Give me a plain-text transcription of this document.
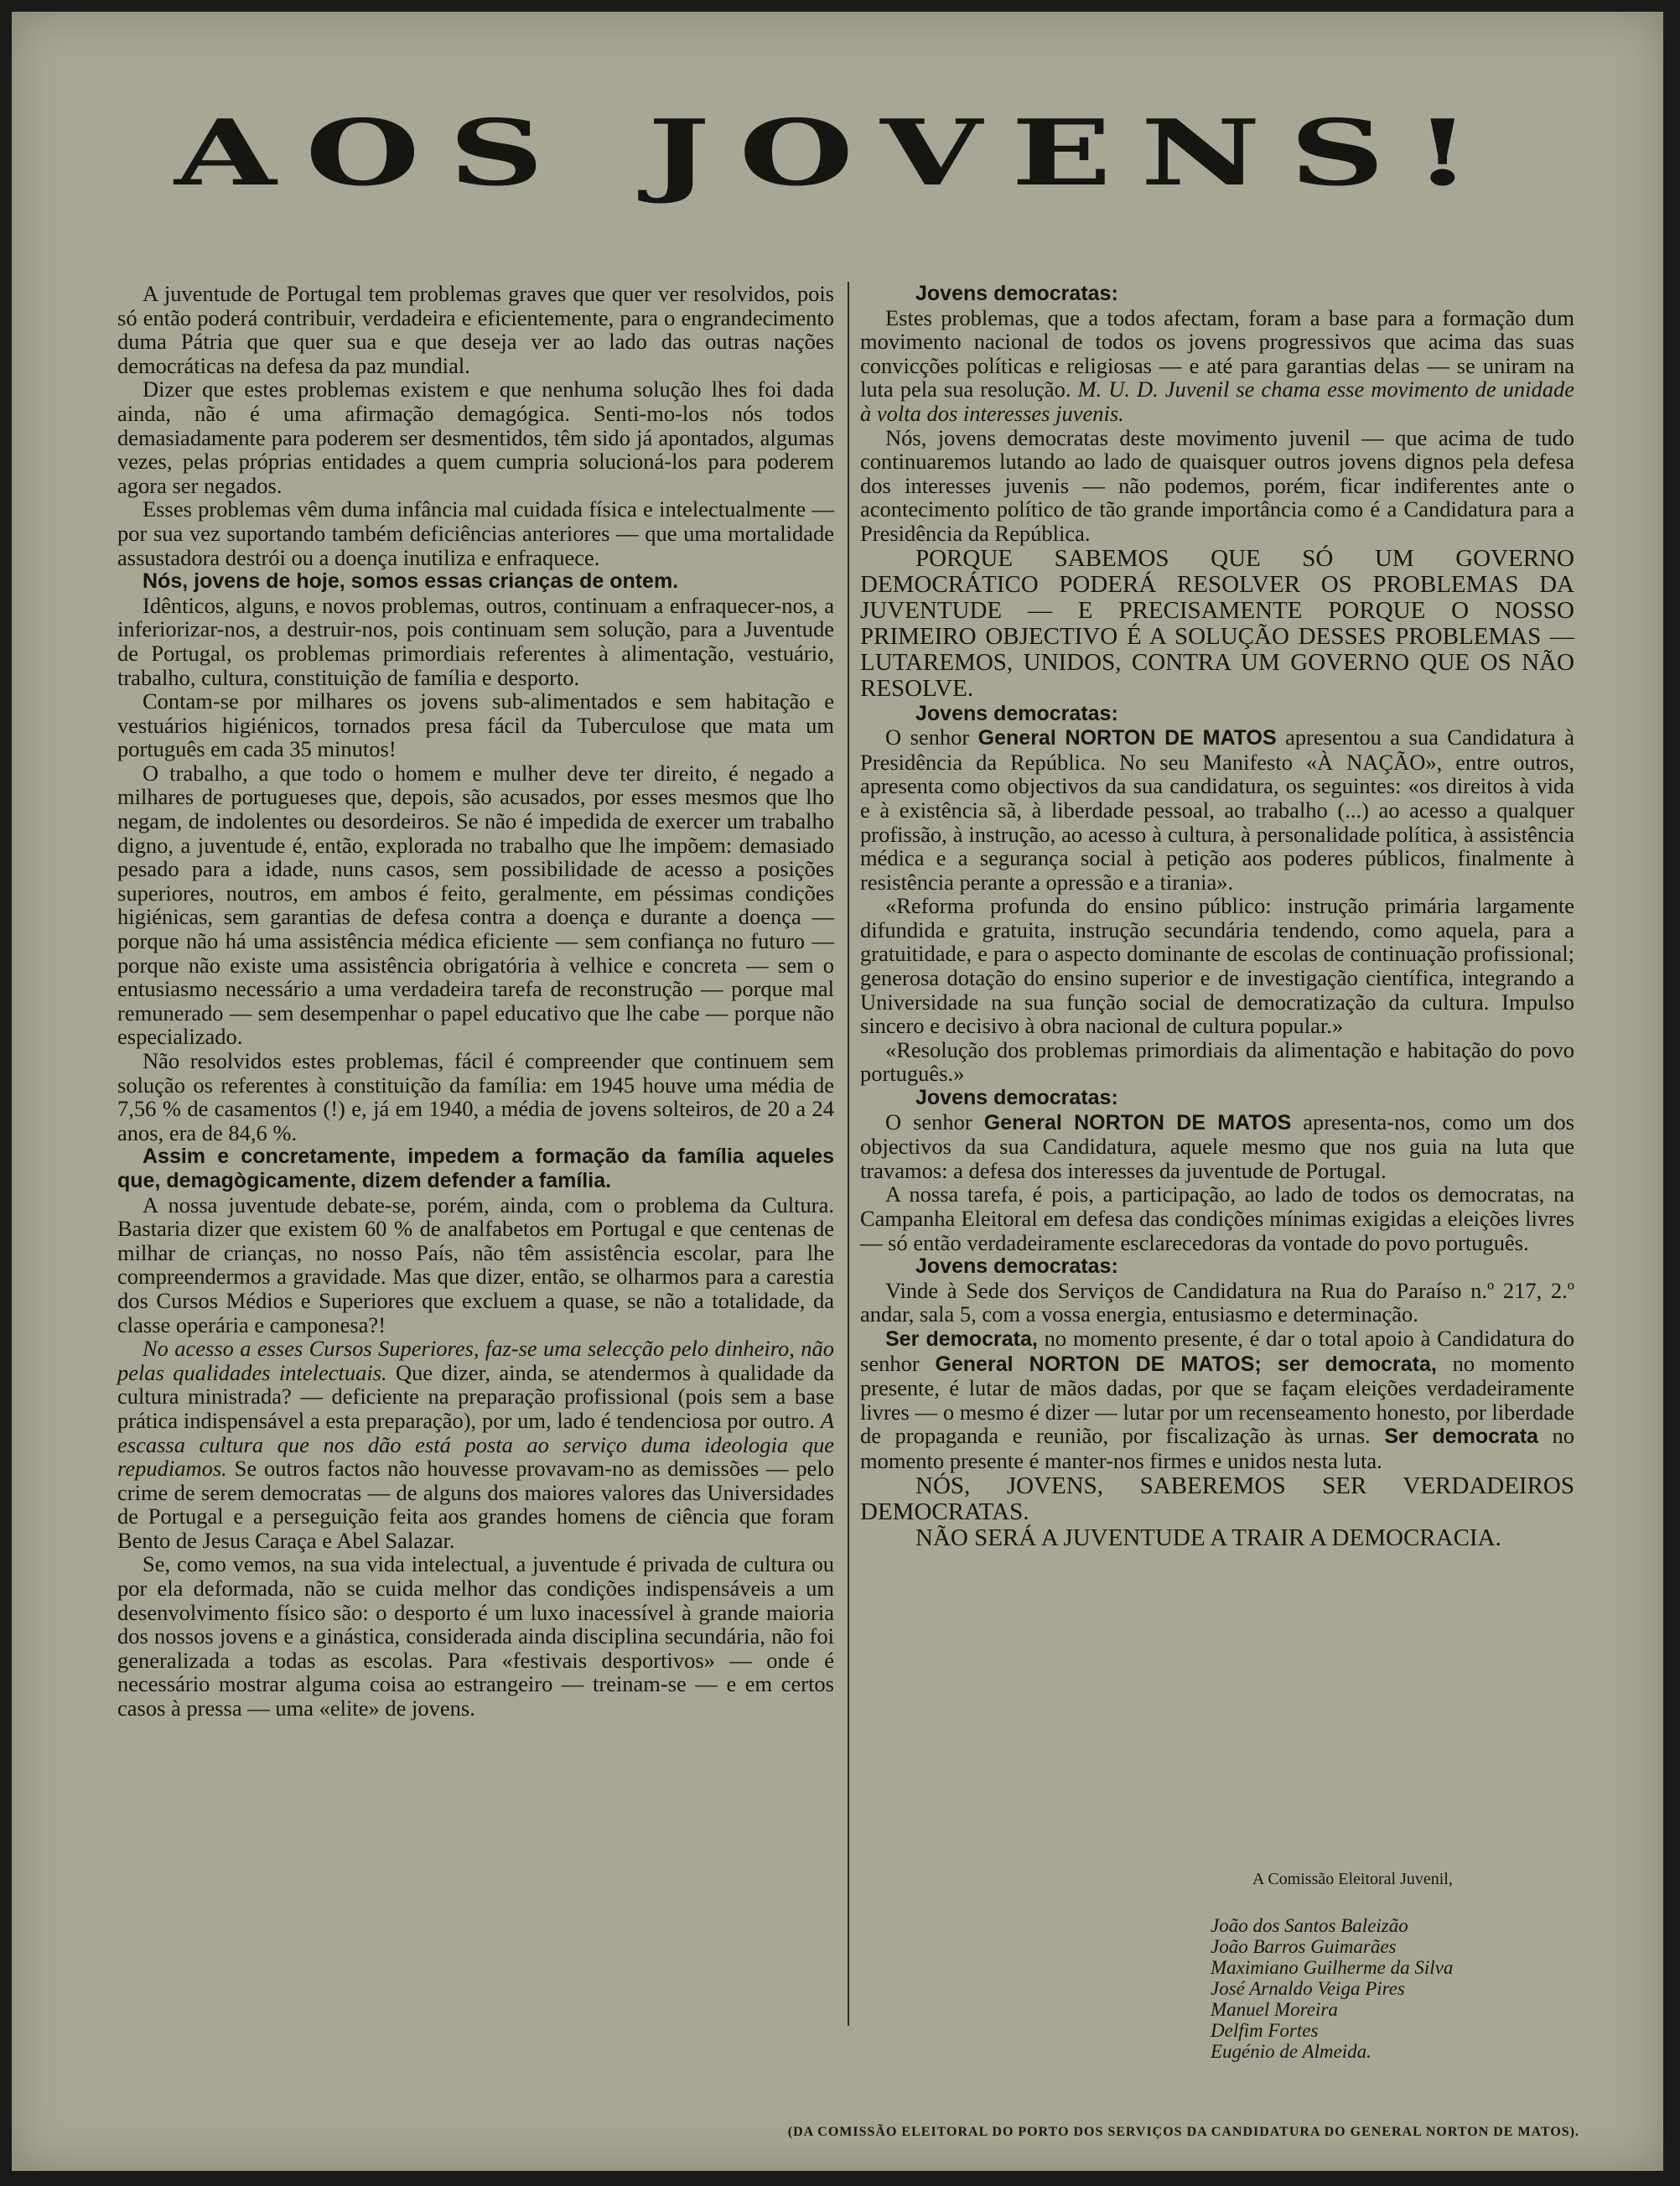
AOS JOVENS!

A juventude de Portugal tem problemas graves que quer ver resolvidos, pois só então poderá contribuir, verdadeira e eficientemente, para o engrandecimento duma Pátria que quer sua e que deseja ver ao lado das outras nações democráticas na defesa da paz mundial.

Dizer que estes problemas existem e que nenhuma solução lhes foi dada ainda, não é uma afirmação demagógica. Senti-mo-los nós todos demasiadamente para poderem ser desmentidos, têm sido já apontados, algumas vezes, pelas próprias entidades a quem cumpria solucioná-los para poderem agora ser negados.

Esses problemas vêm duma infância mal cuidada física e intelectualmente — por sua vez suportando também deficiências anteriores — que uma mortalidade assustadora destrói ou a doença inutiliza e enfraquece.

Nós, jovens de hoje, somos essas crianças de ontem.

Idênticos, alguns, e novos problemas, outros, continuam a enfraquecer-nos, a inferiorizar-nos, a destruir-nos, pois continuam sem solução, para a Juventude de Portugal, os problemas primordiais referentes à alimentação, vestuário, trabalho, cultura, constituição de família e desporto.

Contam-se por milhares os jovens sub-alimentados e sem habitação e vestuários higiénicos, tornados presa fácil da Tuberculose que mata um português em cada 35 minutos!

O trabalho, a que todo o homem e mulher deve ter direito, é negado a milhares de portugueses que, depois, são acusados, por esses mesmos que lho negam, de indolentes ou desordeiros. Se não é impedida de exercer um trabalho digno, a juventude é, então, explorada no trabalho que lhe impõem: demasiado pesado para a idade, nuns casos, sem possibilidade de acesso a posições superiores, noutros, em ambos é feito, geralmente, em péssimas condições higiénicas, sem garantias de defesa contra a doença e durante a doença — porque não há uma assistência médica eficiente — sem confiança no futuro — porque não existe uma assistência obrigatória à velhice e concreta — sem o entusiasmo necessário a uma verdadeira tarefa de reconstrução — porque mal remunerado — sem desempenhar o papel educativo que lhe cabe — porque não especializado.

Não resolvidos estes problemas, fácil é compreender que continuem sem solução os referentes à constituição da família: em 1945 houve uma média de 7,56 % de casamentos (!) e, já em 1940, a média de jovens solteiros, de 20 a 24 anos, era de 84,6 %.

Assim e concretamente, impedem a formação da família aqueles que, demagògicamente, dizem defender a família.

A nossa juventude debate-se, porém, ainda, com o problema da Cultura. Bastaria dizer que existem 60 % de analfabetos em Portugal e que centenas de milhar de crianças, no nosso País, não têm assistência escolar, para lhe compreendermos a gravidade. Mas que dizer, então, se olharmos para a carestia dos Cursos Médios e Superiores que excluem a quase, se não a totalidade, da classe operária e camponesa?!

No acesso a esses Cursos Superiores, faz-se uma selecção pelo dinheiro, não pelas qualidades intelectuais. Que dizer, ainda, se atendermos à qualidade da cultura ministrada? — deficiente na preparação profissional (pois sem a base prática indispensável a esta preparação), por um, lado é tendenciosa por outro. A escassa cultura que nos dão está posta ao serviço duma ideologia que repudiamos. Se outros factos não houvesse provavam-no as demissões — pelo crime de serem democratas — de alguns dos maiores valores das Universidades de Portugal e a perseguição feita aos grandes homens de ciência que foram Bento de Jesus Caraça e Abel Salazar.

Se, como vemos, na sua vida intelectual, a juventude é privada de cultura ou por ela deformada, não se cuida melhor das condições indispensáveis a um desenvolvimento físico são: o desporto é um luxo inacessível à grande maioria dos nossos jovens e a ginástica, considerada ainda disciplina secundária, não foi generalizada a todas as escolas. Para «festivais desportivos» — onde é necessário mostrar alguma coisa ao estrangeiro — treinam-se — e em certos casos à pressa — uma «elite» de jovens.

Jovens democratas:

Estes problemas, que a todos afectam, foram a base para a formação dum movimento nacional de todos os jovens progressivos que acima das suas convicções políticas e religiosas — e até para garantias delas — se uniram na luta pela sua resolução. M. U. D. Juvenil se chama esse movimento de unidade à volta dos interesses juvenis.

Nós, jovens democratas deste movimento juvenil — que acima de tudo continuaremos lutando ao lado de quaisquer outros jovens dignos pela defesa dos interesses juvenis — não podemos, porém, ficar indiferentes ante o acontecimento político de tão grande importância como é a Candidatura para a Presidência da República.

PORQUE SABEMOS QUE SÓ UM GOVERNO DEMOCRÁTICO PODERÁ RESOLVER OS PROBLEMAS DA JUVENTUDE — E PRECISAMENTE PORQUE O NOSSO PRIMEIRO OBJECTIVO É A SOLUÇÃO DESSES PROBLEMAS — LUTAREMOS, UNIDOS, CONTRA UM GOVERNO QUE OS NÃO RESOLVE.

Jovens democratas:

O senhor General NORTON DE MATOS apresentou a sua Candidatura à Presidência da República. No seu Manifesto «À NAÇÃO», entre outros, apresenta como objectivos da sua candidatura, os seguintes: «os direitos à vida e à existência sã, à liberdade pessoal, ao trabalho (...) ao acesso a qualquer profissão, à instrução, ao acesso à cultura, à personalidade política, à assistência médica e a segurança social à petição aos poderes públicos, finalmente à resistência perante a opressão e a tirania».

«Reforma profunda do ensino público: instrução primária largamente difundida e gratuita, instrução secundária tendendo, como aquela, para a gratuitidade, e para o aspecto dominante de escolas de continuação profissional; generosa dotação do ensino superior e de investigação científica, integrando a Universidade na sua função social de democratização da cultura. Impulso sincero e decisivo à obra nacional de cultura popular.»

«Resolução dos problemas primordiais da alimentação e habitação do povo português.»

Jovens democratas:

O senhor General NORTON DE MATOS apresenta-nos, como um dos objectivos da sua Candidatura, aquele mesmo que nos guia na luta que travamos: a defesa dos interesses da juventude de Portugal.

A nossa tarefa, é pois, a participação, ao lado de todos os democratas, na Campanha Eleitoral em defesa das condições mínimas exigidas a eleições livres — só então verdadeiramente esclarecedoras da vontade do povo português.

Jovens democratas:

Vinde à Sede dos Serviços de Candidatura na Rua do Paraíso n.º 217, 2.º andar, sala 5, com a vossa energia, entusiasmo e determinação.

Ser democrata, no momento presente, é dar o total apoio à Candidatura do senhor General NORTON DE MATOS; ser democrata, no momento presente, é lutar de mãos dadas, por que se façam eleições verdadeiramente livres — o mesmo é dizer — lutar por um recenseamento honesto, por liberdade de propaganda e reunião, por fiscalização às urnas. Ser democrata no momento presente é manter-nos firmes e unidos nesta luta.

NÓS, JOVENS, SABEREMOS SER VERDADEIROS DEMOCRATAS.

NÃO SERÁ A JUVENTUDE A TRAIR A DEMOCRACIA.

A Comissão Eleitoral Juvenil,

João dos Santos Baleizão

João Barros Guimarães

Maximiano Guilherme da Silva

José Arnaldo Veiga Pires

Manuel Moreira

Delfim Fortes

Eugénio de Almeida.

(DA COMISSÃO ELEITORAL DO PORTO DOS SERVIÇOS DA CANDIDATURA DO GENERAL NORTON DE MATOS).
